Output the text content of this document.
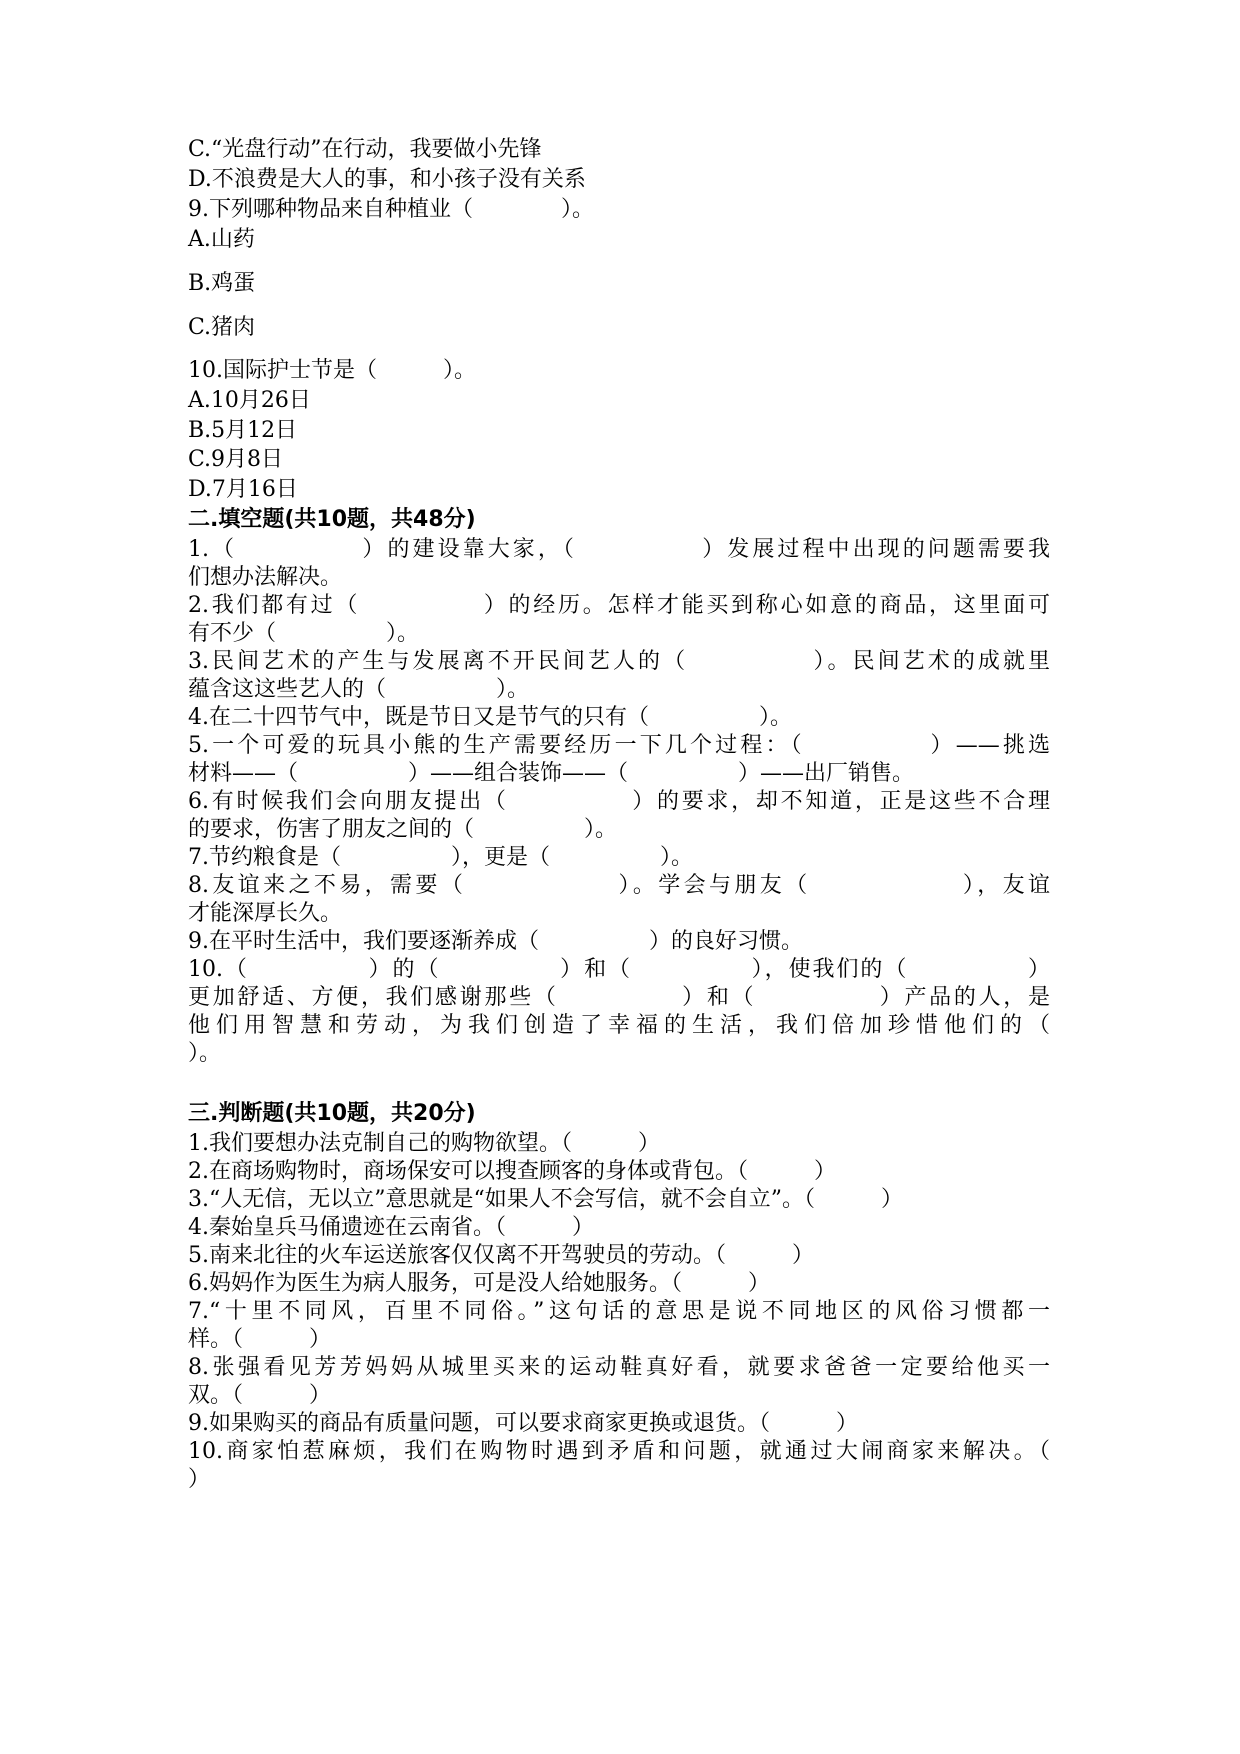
C.“光盘行动”在行动，我要做小先锋
D.不浪费是大人的事，和小孩子没有关系
9.下列哪种物品来自种植业（　　　　）。
A.山药
B.鸡蛋
C.猪肉
10.国际护士节是（　　　）。
A.10月26日
B.5月12日
C.9月8日
D.7月16日
二.填空题(共10题，共48分)
1.（　　　　　）的建设靠大家，（　　　　　）发展过程中出现的问题需要我
们想办法解决。
2.我们都有过（　　　　　）的经历。怎样才能买到称心如意的商品，这里面可
有不少（　　　　　）。
3.民间艺术的产生与发展离不开民间艺人的（　　　　　）。民间艺术的成就里
蕴含这这些艺人的（　　　　　）。
4.在二十四节气中，既是节日又是节气的只有（　　　　　）。
5.一个可爱的玩具小熊的生产需要经历一下几个过程：（　　　　　）——挑选
材料——（　　　　　）——组合装饰——（　　　　　）——出厂销售。
6.有时候我们会向朋友提出（　　　　　）的要求，却不知道，正是这些不合理
的要求，伤害了朋友之间的（　　　　　）。
7.节约粮食是（　　　　　），更是（　　　　　）。
8.友谊来之不易，需要（　　　　　　）。学会与朋友（　　　　　　），友谊
才能深厚长久。
9.在平时生活中，我们要逐渐养成（　　　　　）的良好习惯。
10.（　　　　　）的（　　　　　）和（　　　　　），使我们的（　　　　　）
更加舒适、方便，我们感谢那些（　　　　　）和（　　　　　）产品的人，是
他们用智慧和劳动，为我们创造了幸福的生活，我们倍加珍惜他们的（
）。
三.判断题(共10题，共20分)
1.我们要想办法克制自己的购物欲望。（　　　）
2.在商场购物时，商场保安可以搜查顾客的身体或背包。（　　　）
3.“人无信，无以立”意思就是“如果人不会写信，就不会自立”。（　　　）
4.秦始皇兵马俑遗迹在云南省。（　　　）
5.南来北往的火车运送旅客仅仅离不开驾驶员的劳动。（　　　）
6.妈妈作为医生为病人服务，可是没人给她服务。（　　　）
7.“十里不同风，百里不同俗。”这句话的意思是说不同地区的风俗习惯都一
样。（　　　）
8.张强看见芳芳妈妈从城里买来的运动鞋真好看，就要求爸爸一定要给他买一
双。（　　　）
9.如果购买的商品有质量问题，可以要求商家更换或退货。（　　　）
10.商家怕惹麻烦，我们在购物时遇到矛盾和问题，就通过大闹商家来解决。（
）
